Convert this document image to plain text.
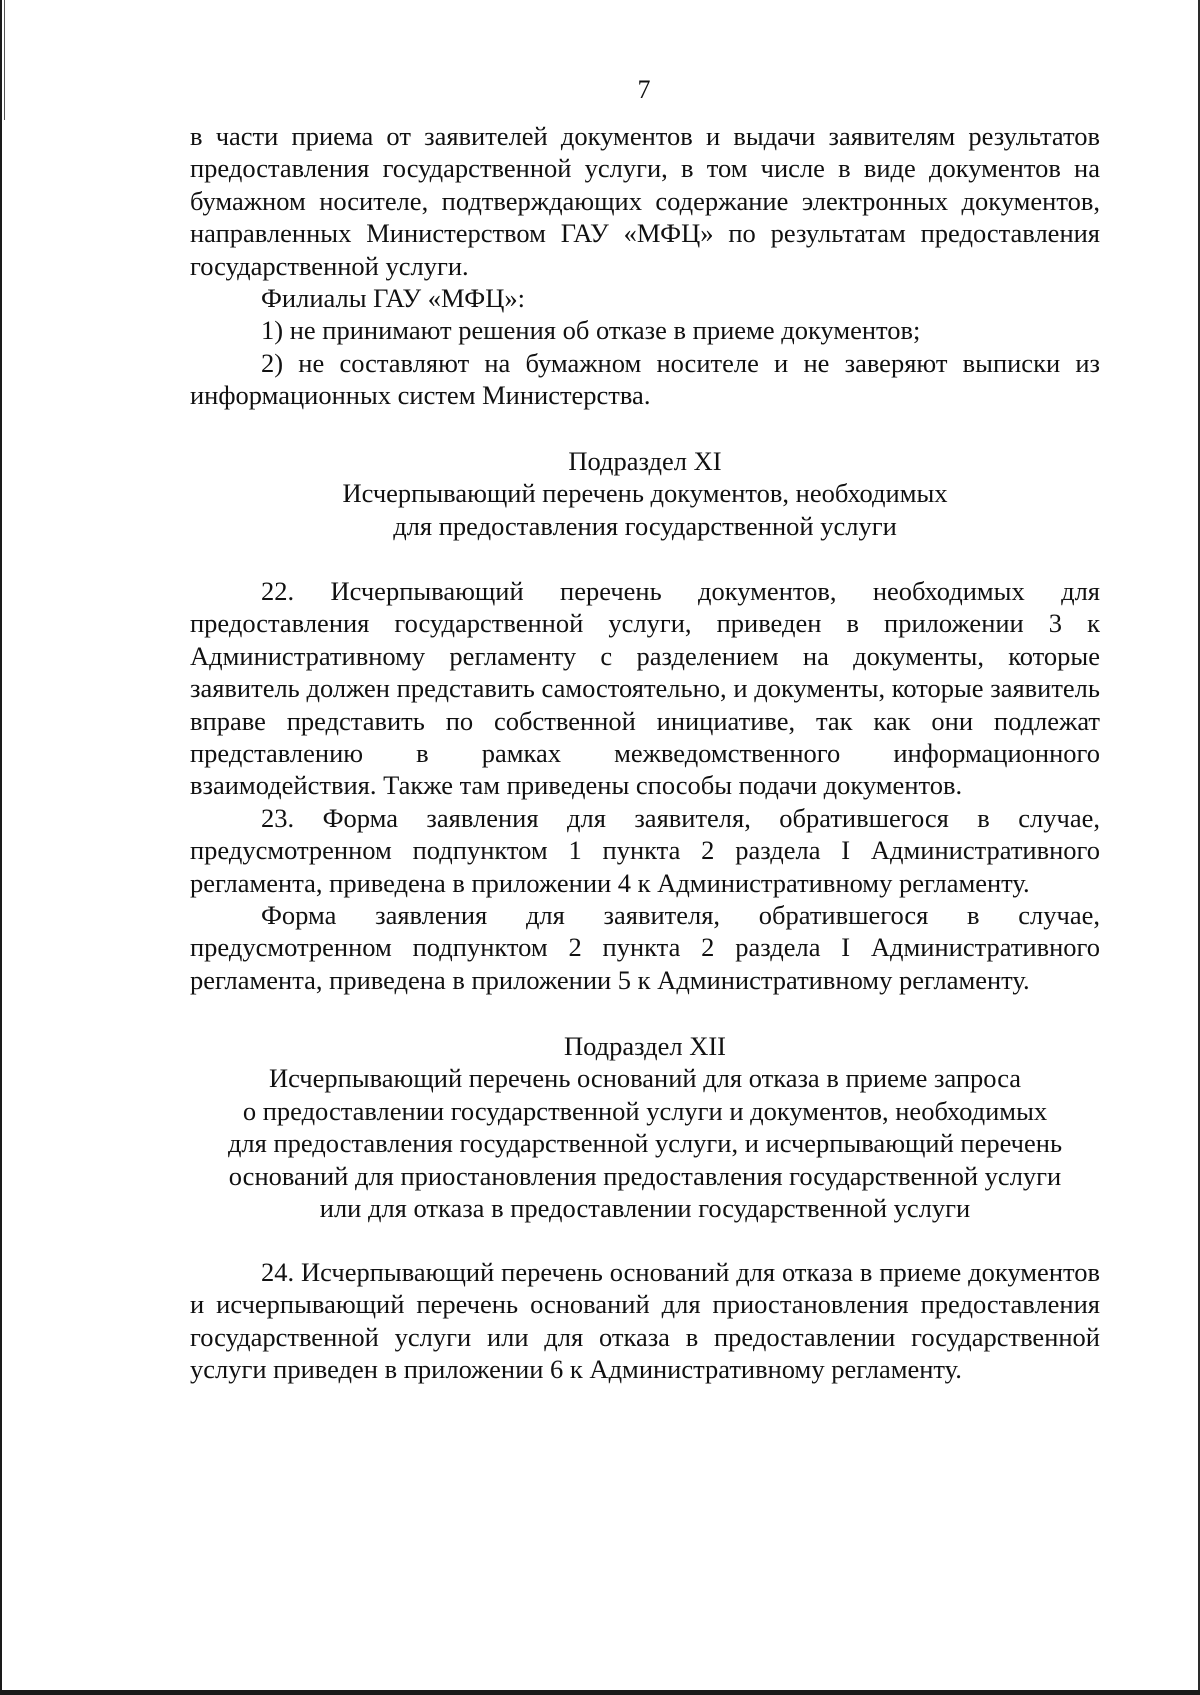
7

в части приема от заявителей документов и выдачи заявителям результатов предоставления государственной услуги, в том числе в виде документов на бумажном носителе, подтверждающих содержание электронных документов, направленных Министерством ГАУ «МФЦ» по результатам предоставления государственной услуги.

Филиалы ГАУ «МФЦ»:

1) не принимают решения об отказе в приеме документов;

2) не составляют на бумажном носителе и не заверяют выписки из информационных систем Министерства.

Подраздел XI
Исчерпывающий перечень документов, необходимых
для предоставления государственной услуги

22. Исчерпывающий перечень документов, необходимых для предоставления государственной услуги, приведен в приложении 3 к Административному регламенту с разделением на документы, которые заявитель должен представить самостоятельно, и документы, которые заявитель вправе представить по собственной инициативе, так как они подлежат представлению в рамках межведомственного информационного взаимодействия. Также там приведены способы подачи документов.

23. Форма заявления для заявителя, обратившегося в случае, предусмотренном подпунктом 1 пункта 2 раздела I Административного регламента, приведена в приложении 4 к Административному регламенту.

Форма заявления для заявителя, обратившегося в случае, предусмотренном подпунктом 2 пункта 2 раздела I Административного регламента, приведена в приложении 5 к Административному регламенту.

Подраздел XII
Исчерпывающий перечень оснований для отказа в приеме запроса
о предоставлении государственной услуги и документов, необходимых
для предоставления государственной услуги, и исчерпывающий перечень
оснований для приостановления предоставления государственной услуги
или для отказа в предоставлении государственной услуги

24. Исчерпывающий перечень оснований для отказа в приеме документов и исчерпывающий перечень оснований для приостановления предоставления государственной услуги или для отказа в предоставлении государственной услуги приведен в приложении 6 к Административному регламенту.
